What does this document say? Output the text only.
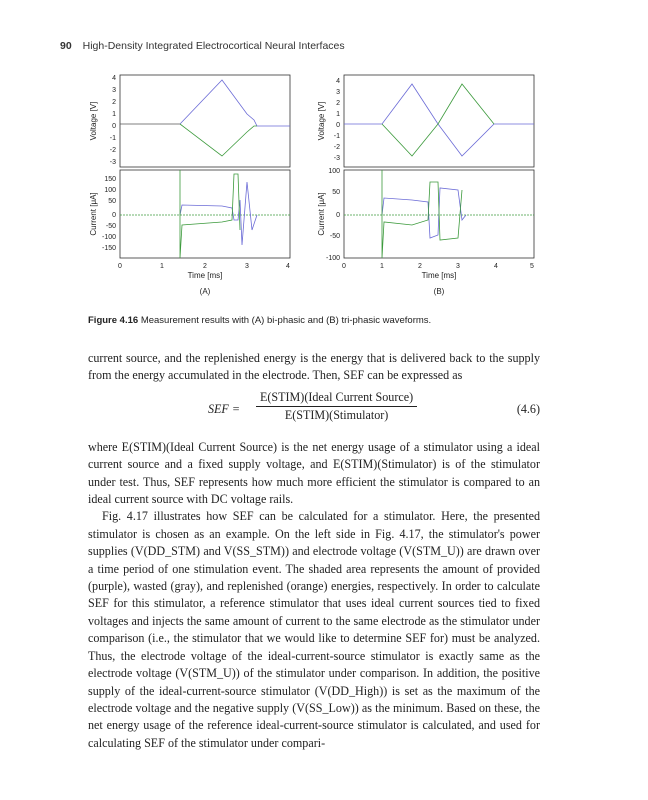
90 High-Density Integrated Electrocortical Neural Interfaces
4
3
2
1
0
-1
-2
-3
Voltage [V]
150
100
50
0
-50
-100
-150
Current [μA]
0	1	2	3	4
Time [ms]
(A)
4
3
2
1
0
-1
-2
-3
Voltage [V]
100
50
0
-50
-100
Current [μA]
0	1	2	3	4	5
Time [ms]
(B)
Figure 4.16 Measurement results with (A) bi-phasic and (B) tri-phasic waveforms.

current source, and the replenished energy is the energy that is delivered back to the supply from the energy accumulated in the electrode. Then, SEF can be expressed as

SEF =
E(STIM)(Ideal Current Source)
E(STIM)(Stimulator)	(4.6)

where E(STIM)(Ideal Current Source) is the net energy usage of a stimulator using a ideal current source and a fixed supply voltage, and E(STIM)(Stimulator) is of the stimulator under test. Thus, SEF represents how much more efficient the stimulator is compared to an ideal current source with DC voltage rails.

Fig. 4.17 illustrates how SEF can be calculated for a stimulator. Here, the presented stimulator is chosen as an example. On the left side in Fig. 4.17, the stimulator's power supplies (V(DD_STM) and V(SS_STM)) and electrode voltage (V(STM_U)) are drawn over a time period of one stimulation event. The shaded area represents the amount of provided (purple), wasted (gray), and replenished (orange) energies, respectively. In order to calculate SEF for this stimulator, a reference stimulator that uses ideal current sources tied to fixed voltages and injects the same amount of current to the same electrode as the stimulator under comparison (i.e., the stimulator that we would like to determine SEF for) must be analyzed. Thus, the electrode voltage of the ideal-current-source stimulator is exactly same as the electrode voltage (V(STM_U)) of the stimulator under comparison. In addition, the positive supply of the ideal-current-source stimulator (V(DD_High)) is set as the maximum of the electrode voltage and the negative supply (V(SS_Low)) as the minimum. Based on these, the net energy usage of the reference ideal-current-source stimulator is calculated, and used for calculating SEF of the stimulator under compari-
